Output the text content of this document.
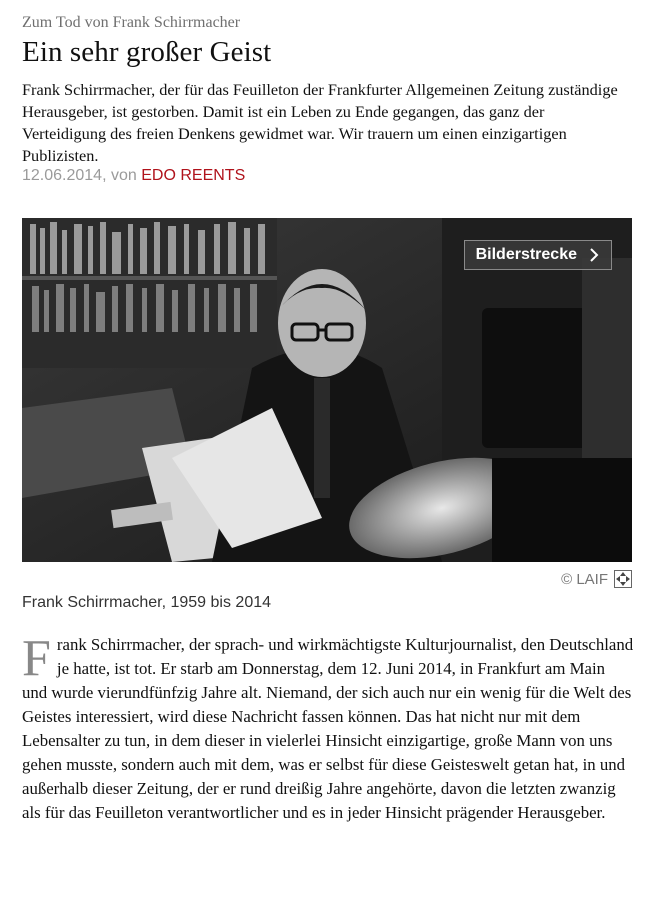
Zum Tod von Frank Schirrmacher
Ein sehr großer Geist

Frank Schirrmacher, der für das Feuilleton der Frankfurter Allgemeinen Zeitung zuständige Herausgeber, ist gestorben. Damit ist ein Leben zu Ende gegangen, das ganz der Verteidigung des freien Denkens gewidmet war. Wir trauern um einen einzigartigen Publizisten.

12.06.2014, von EDO REENTS
Bilderstrecke
© LAIF
Frank Schirrmacher, 1959 bis 2014

Frank Schirrmacher, der sprach- und wirkmächtigste Kulturjournalist, den Deutschland je hatte, ist tot. Er starb am Donnerstag, dem 12. Juni 2014, in Frankfurt am Main und wurde vierundfünfzig Jahre alt. Niemand, der sich auch nur ein wenig für die Welt des Geistes interessiert, wird diese Nachricht fassen können. Das hat nicht nur mit dem Lebensalter zu tun, in dem dieser in vielerlei Hinsicht einzigartige, große Mann von uns gehen musste, sondern auch mit dem, was er selbst für diese Geisteswelt getan hat, in und außerhalb dieser Zeitung, der er rund dreißig Jahre angehörte, davon die letzten zwanzig als für das Feuilleton verantwortlicher und es in jeder Hinsicht prägender Herausgeber.
